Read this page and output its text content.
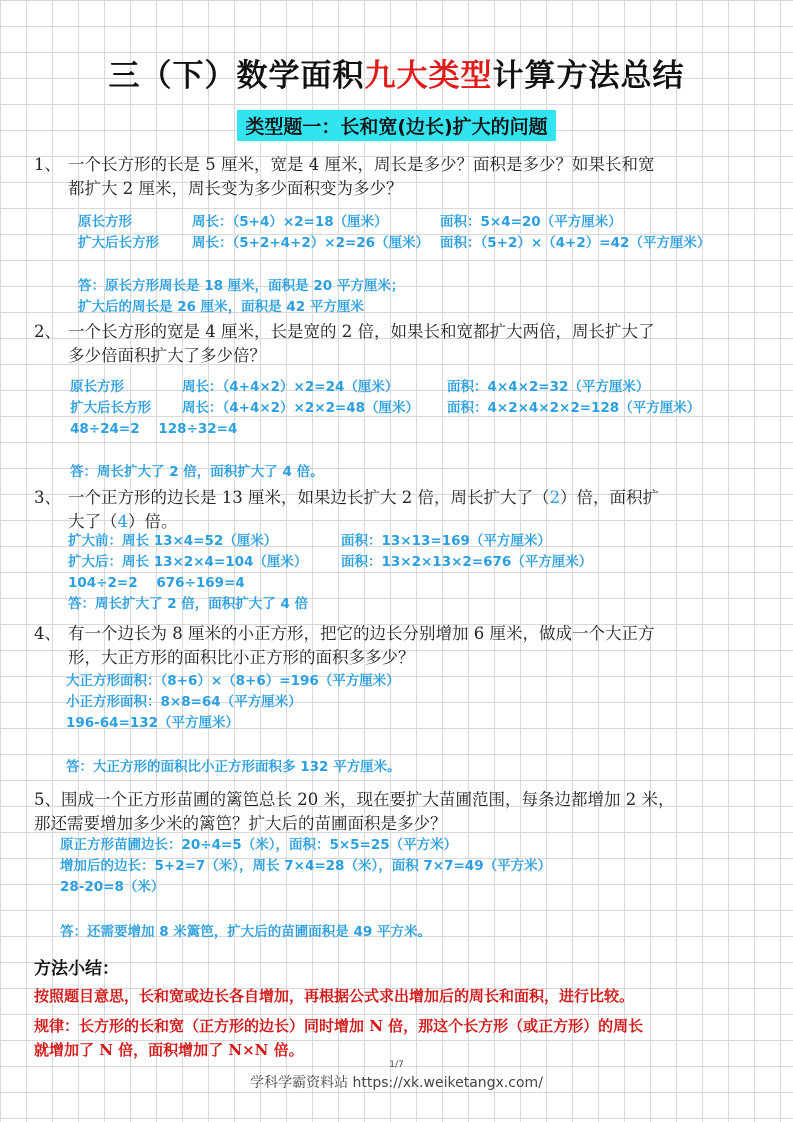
三（下）数学面积九大类型计算方法总结
类型题一：长和宽(边长)扩大的问题
1、 一个长方形的长是 5 厘米，宽是 4 厘米，周长是多少？面积是多少？如果长和宽
都扩大 2 厘米，周长变为多少面积变为多少？
原长方形	周长：（5+4）×2=18（厘米）	面积：5×4=20（平方厘米）
扩大后长方形 周长：（5+2+4+2）×2=26（厘米） 面积：（5+2）×（4+2）=42（平方厘米）
答：原长方形周长是 18 厘米，面积是 20 平方厘米；
扩大后的周长是 26 厘米，面积是 42 平方厘米
2、 一个长方形的宽是 4 厘米，长是宽的 2 倍，如果长和宽都扩大两倍，周长扩大了
多少倍面积扩大了多少倍？
原长方形	周长：（4+4×2）×2=24（厘米）	面积：4×4×2=32（平方厘米）
扩大后长方形 周长：（4+4×2）×2×2=48（厘米） 面积：4×2×4×2×2=128（平方厘米）
48÷24=2    128÷32=4
答：周长扩大了 2 倍，面积扩大了 4 倍。
3、 一个正方形的边长是 13 厘米，如果边长扩大 2 倍，周长扩大了（2）倍，面积扩
大了（4）倍。
扩大前：周长 13×4=52（厘米）	面积：13×13=169（平方厘米）
扩大后：周长 13×2×4=104（厘米） 面积：13×2×13×2=676（平方厘米）
104÷2=2    676÷169=4
答：周长扩大了 2 倍，面积扩大了 4 倍
4、 有一个边长为 8 厘米的小正方形，把它的边长分别增加 6 厘米，做成一个大正方
形，大正方形的面积比小正方形的面积多多少？
大正方形面积：（8+6）×（8+6）=196（平方厘米）
小正方形面积：8×8=64（平方厘米）
196-64=132（平方厘米）
答：大正方形的面积比小正方形面积多 132 平方厘米。
5、围成一个正方形苗圃的篱笆总长 20 米，现在要扩大苗圃范围，每条边都增加 2 米，
那还需要增加多少米的篱笆？扩大后的苗圃面积是多少？
原正方形苗圃边长：20÷4=5（米），面积：5×5=25（平方米）
增加后的边长：5+2=7（米），周长 7×4=28（米），面积 7×7=49（平方米）
28-20=8（米）
答：还需要增加 8 米篱笆，扩大后的苗圃面积是 49 平方米。
方法小结：
按照题目意思，长和宽或边长各自增加，再根据公式求出增加后的周长和面积，进行比较。
规律：长方形的长和宽（正方形的边长）同时增加 N 倍，那这个长方形（或正方形）的周长
就增加了 N 倍，面积增加了 N×N 倍。
1/7
学科学霸资料站 https://xk.weiketangx.com/
